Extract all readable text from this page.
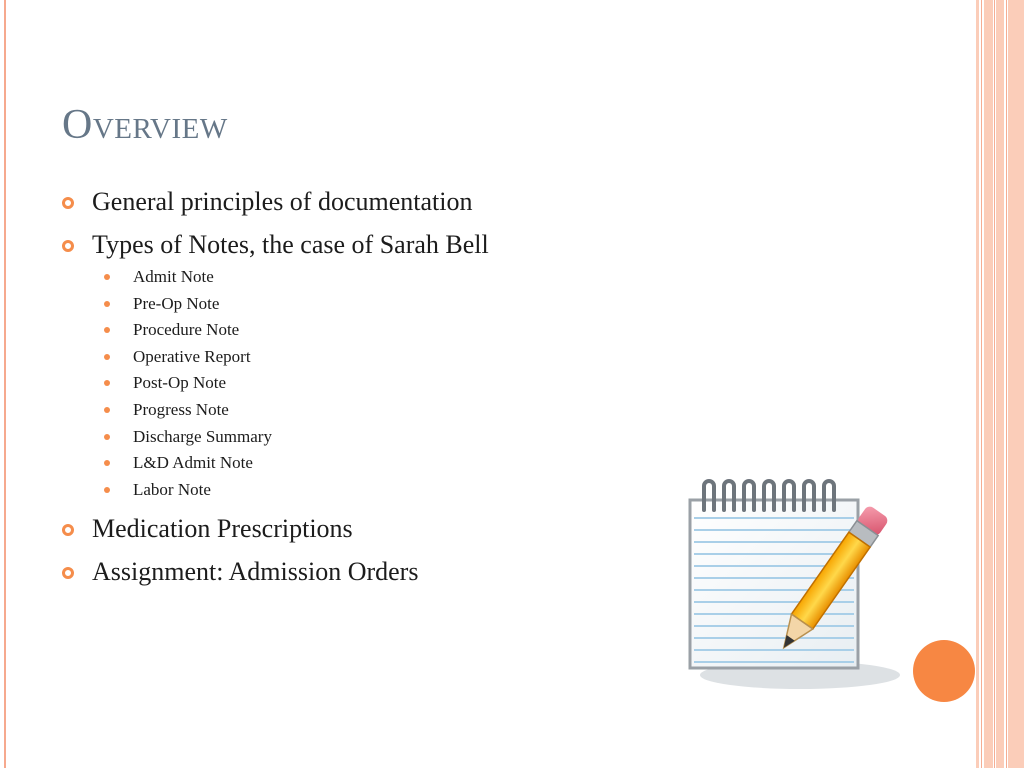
Overview
General principles of documentation
Types of Notes, the case of Sarah Bell
Admit Note
Pre-Op Note
Procedure Note
Operative Report
Post-Op Note
Progress Note
Discharge Summary
L&D Admit Note
Labor Note
Medication Prescriptions
Assignment: Admission Orders
